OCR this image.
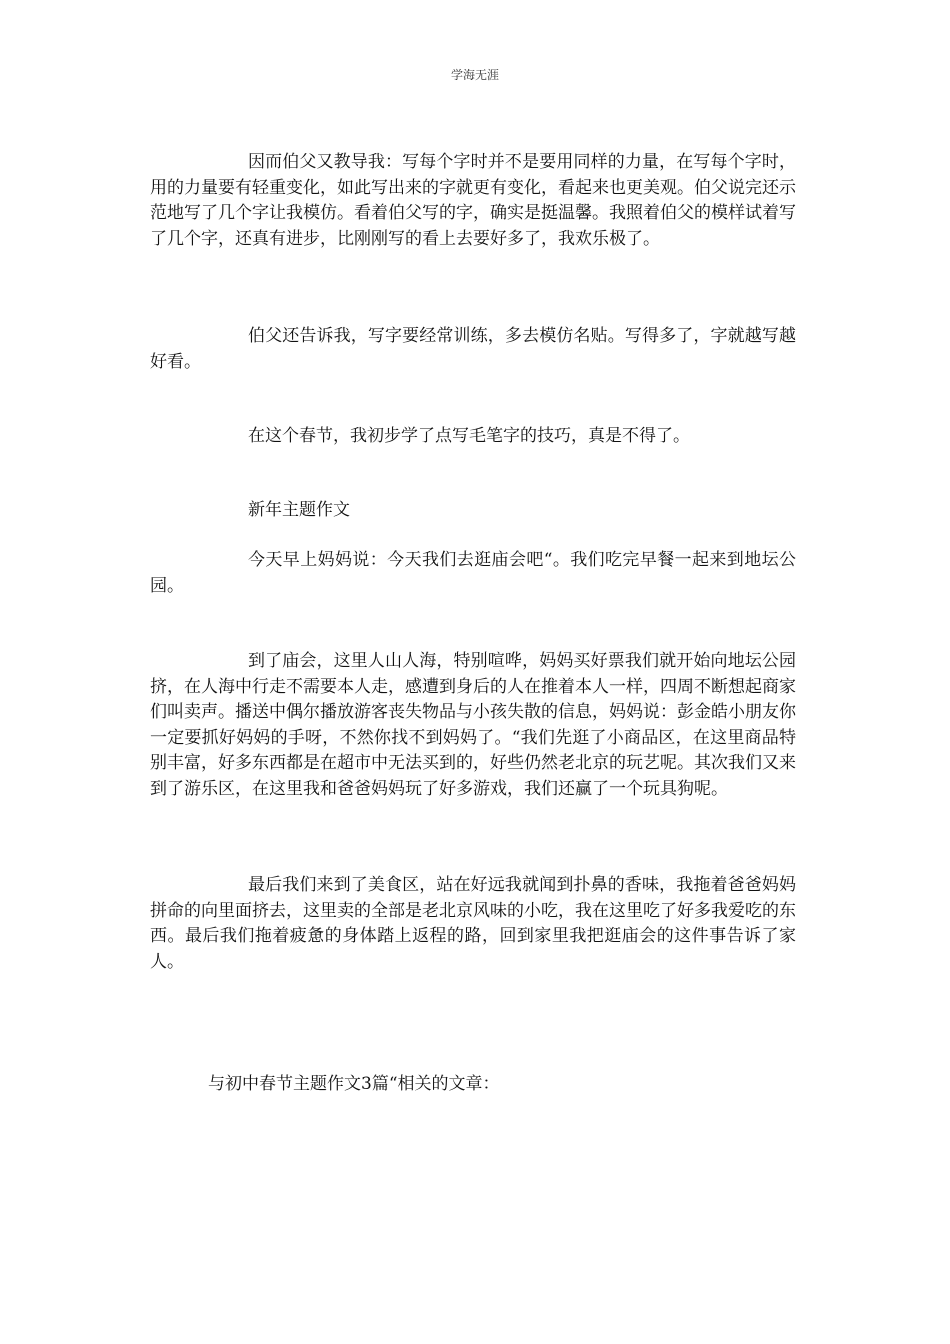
学海无涯

因而伯父又教导我：写每个字时并不是要用同样的力量，在写每个字时，用的力量要有轻重变化，如此写出来的字就更有变化，看起来也更美观。伯父说完还示范地写了几个字让我模仿。看着伯父写的字，确实是挺温馨。我照着伯父的模样试着写了几个字，还真有进步，比刚刚写的看上去要好多了，我欢乐极了。

伯父还告诉我，写字要经常训练，多去模仿名贴。写得多了，字就越写越好看。

在这个春节，我初步学了点写毛笔字的技巧，真是不得了。

新年主题作文

今天早上妈妈说：今天我们去逛庙会吧“。我们吃完早餐一起来到地坛公园。

到了庙会，这里人山人海，特别喧哗，妈妈买好票我们就开始向地坛公园挤，在人海中行走不需要本人走，感遭到身后的人在推着本人一样，四周不断想起商家们叫卖声。播送中偶尔播放游客丧失物品与小孩失散的信息，妈妈说：彭金皓小朋友你一定要抓好妈妈的手呀，不然你找不到妈妈了。“我们先逛了小商品区，在这里商品特别丰富，好多东西都是在超市中无法买到的，好些仍然老北京的玩艺呢。其次我们又来到了游乐区，在这里我和爸爸妈妈玩了好多游戏，我们还赢了一个玩具狗呢。

最后我们来到了美食区，站在好远我就闻到扑鼻的香味，我拖着爸爸妈妈拼命的向里面挤去，这里卖的全部是老北京风味的小吃，我在这里吃了好多我爱吃的东西。最后我们拖着疲惫的身体踏上返程的路，回到家里我把逛庙会的这件事告诉了家人。

与初中春节主题作文3篇“相关的文章：
